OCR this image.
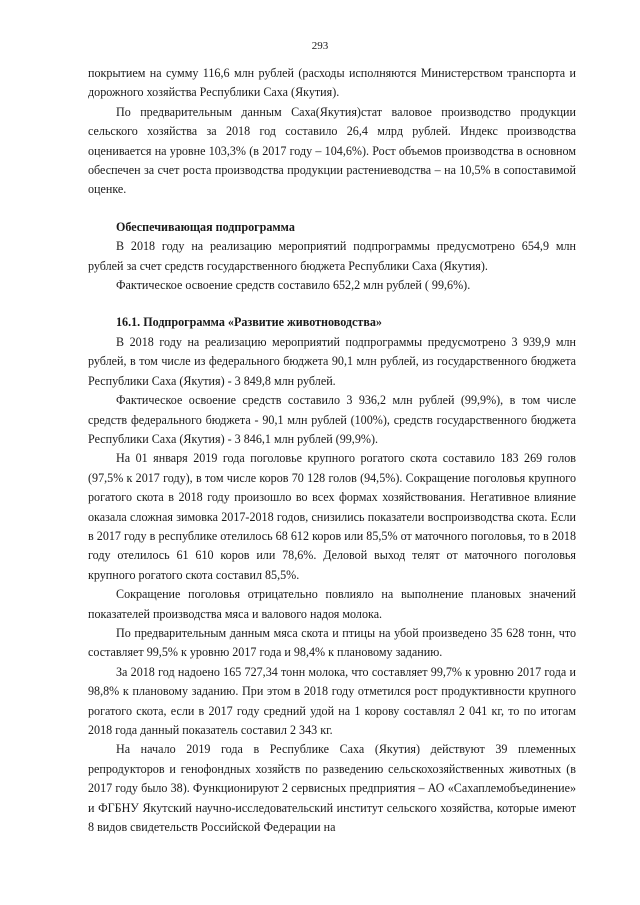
293

покрытием на сумму 116,6 млн рублей (расходы исполняются Министерством транспорта и дорожного хозяйства Республики Саха (Якутия).

По предварительным данным Саха(Якутия)стат валовое производство продукции сельского хозяйства за 2018 год составило 26,4 млрд рублей. Индекс производства оценивается на уровне 103,3% (в 2017 году – 104,6%). Рост объемов производства в основном обеспечен за счет роста производства продукции растениеводства – на 10,5% в сопоставимой оценке.

Обеспечивающая подпрограмма

В 2018 году на реализацию мероприятий подпрограммы предусмотрено 654,9 млн рублей за счет средств государственного бюджета Республики Саха (Якутия).

Фактическое освоение средств составило 652,2 млн рублей ( 99,6%).

16.1. Подпрограмма «Развитие животноводства»

В 2018 году на реализацию мероприятий подпрограммы предусмотрено 3 939,9 млн рублей, в том числе из федерального бюджета 90,1 млн рублей, из государственного бюджета Республики Саха (Якутия) - 3 849,8 млн рублей.

Фактическое освоение средств составило 3 936,2 млн рублей (99,9%), в том числе средств федерального бюджета - 90,1 млн рублей (100%), средств государственного бюджета Республики Саха (Якутия) - 3 846,1 млн рублей (99,9%).

На 01 января 2019 года поголовье крупного рогатого скота составило 183 269 голов (97,5% к 2017 году), в том числе коров 70 128 голов (94,5%). Сокращение поголовья крупного рогатого скота в 2018 году произошло во всех формах хозяйствования. Негативное влияние оказала сложная зимовка 2017-2018 годов, снизились показатели воспроизводства скота. Если в 2017 году в республике отелилось 68 612 коров или 85,5% от маточного поголовья, то в 2018 году отелилось 61 610 коров или 78,6%. Деловой выход телят от маточного поголовья крупного рогатого скота составил 85,5%.

Сокращение поголовья отрицательно повлияло на выполнение плановых значений показателей производства мяса и валового надоя молока.

По предварительным данным мяса скота и птицы на убой произведено 35 628 тонн, что составляет 99,5% к уровню 2017 года и 98,4% к плановому заданию.

За 2018 год надоено 165 727,34 тонн молока, что составляет 99,7% к уровню 2017 года и 98,8% к плановому заданию. При этом в 2018 году отметился рост продуктивности крупного рогатого скота, если в 2017 году средний удой на 1 корову составлял 2 041 кг, то по итогам 2018 года данный показатель составил 2 343 кг.

На начало 2019 года в Республике Саха (Якутия) действуют 39 племенных репродукторов и генофондных хозяйств по разведению сельскохозяйственных животных (в 2017 году было 38). Функционируют 2 сервисных предприятия – АО «Сахаплемобъединение» и ФГБНУ Якутский научно-исследовательский институт сельского хозяйства, которые имеют 8 видов свидетельств Российской Федерации на
